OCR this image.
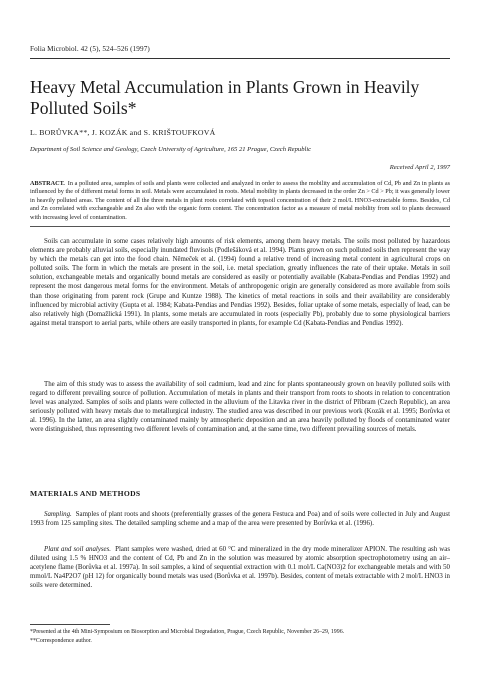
Folia Microbiol. 42 (5), 524–526 (1997)
Heavy Metal Accumulation in Plants Grown in Heavily Polluted Soils*
L. BORŮVKA**, J. KOZÁK and S. KRIŠTOUFKOVÁ
Department of Soil Science and Geology, Czech University of Agriculture, 165 21 Prague, Czech Republic
Received April 2, 1997

ABSTRACT. In a polluted area, samples of soils and plants were collected and analyzed in order to assess the mobility and accumulation of Cd, Pb and Zn in plants as influenced by the of different metal forms in soil. Metals were accumulated in roots. Metal mobility in plants decreased in the order Zn > Cd > Pb; it was generally lower in heavily polluted areas. The content of all the three metals in plant roots correlated with topsoil concentration of their 2 mol/L HNO3-extractable forms. Besides, Cd and Zn correlated with exchangeable and Zn also with the organic form content. The concentration factor as a measure of metal mobility from soil to plants decreased with increasing level of contamination.

Soils can accumulate in some cases relatively high amounts of risk elements, among them heavy metals. The soils most polluted by hazardous elements are probably alluvial soils, especially inundated fluvisols (Podlešáková et al. 1994). Plants grown on such polluted soils then represent the way by which the metals can get into the food chain. Němeček et al. (1994) found a relative trend of increasing metal content in agricultural crops on polluted soils. The form in which the metals are present in the soil, i.e. metal speciation, greatly influences the rate of their uptake. Metals in soil solution, exchangeable metals and organically bound metals are considered as easily or potentially available (Kabata-Pendias and Pendias 1992) and represent the most dangerous metal forms for the environment. Metals of anthropogenic origin are generally considered as more available from soils than those originating from parent rock (Grupe and Kuntze 1988). The kinetics of metal reactions in soils and their availability are considerably influenced by microbial activity (Gupta et al. 1984; Kabata-Pendias and Pendias 1992). Besides, foliar uptake of some metals, especially of lead, can be also relatively high (Domažlická 1991). In plants, some metals are accumulated in roots (especially Pb), probably due to some physiological barriers against metal transport to aerial parts, while others are easily transported in plants, for example Cd (Kabata-Pendias and Pendias 1992).

The aim of this study was to assess the availability of soil cadmium, lead and zinc for plants spontaneously grown on heavily polluted soils with regard to different prevailing source of pollution. Accumulation of metals in plants and their transport from roots to shoots in relation to concentration level was analyzed. Samples of soils and plants were collected in the alluvium of the Litavka river in the district of Příbram (Czech Republic), an area seriously polluted with heavy metals due to metallurgical industry. The studied area was described in our previous work (Kozák et al. 1995; Borůvka et al. 1996). In the latter, an area slightly contaminated mainly by atmospheric deposition and an area heavily polluted by floods of contaminated water were distinguished, thus representing two different levels of contamination and, at the same time, two different prevailing sources of metals.

MATERIALS AND METHODS

Sampling. Samples of plant roots and shoots (preferentially grasses of the genera Festuca and Poa) and of soils were collected in July and August 1993 from 125 sampling sites. The detailed sampling scheme and a map of the area were presented by Borůvka et al. (1996).

Plant and soil analyses. Plant samples were washed, dried at 60 °C and mineralized in the dry mode mineralizer APION. The resulting ash was diluted using 1.5 % HNO3 and the content of Cd, Pb and Zn in the solution was measured by atomic absorption spectrophotometry using an air–acetylene flame (Borůvka et al. 1997a). In soil samples, a kind of sequential extraction with 0.1 mol/L Ca(NO3)2 for exchangeable metals and with 50 mmol/L Na4P2O7 (pH 12) for organically bound metals was used (Borůvka et al. 1997b). Besides, content of metals extractable with 2 mol/L HNO3 in soils were determined.

*Presented at the 4th Mini-Symposium on Biosorption and Microbial Degradation, Prague, Czech Republic, November 26–29, 1996.

**Correspondence author.
